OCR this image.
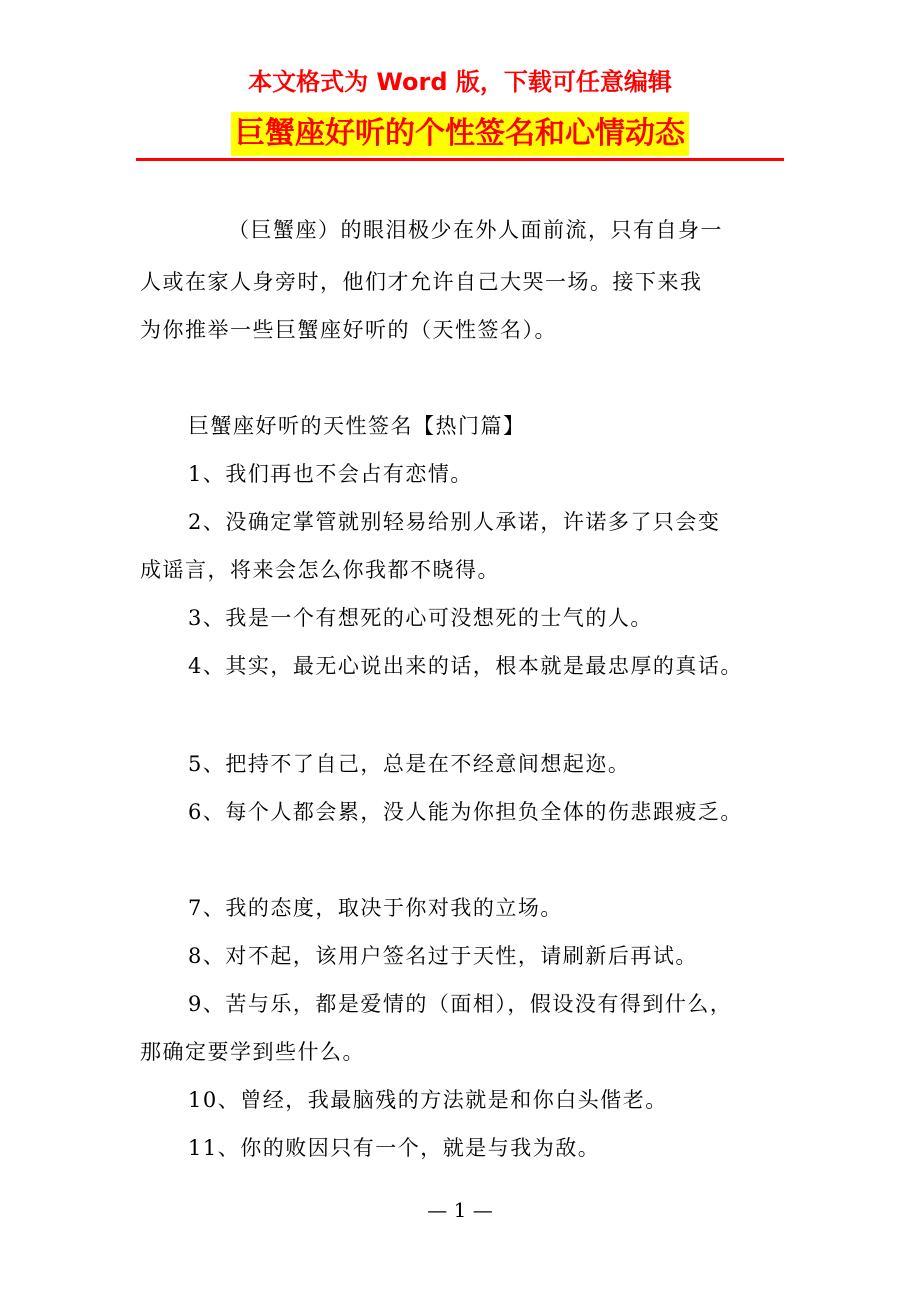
本文格式为 Word 版，下载可任意编辑
巨蟹座好听的个性签名和心情动态

（巨蟹座）的眼泪极少在外人面前流，只有自身一

人或在家人身旁时，他们才允许自己大哭一场。接下来我

为你推举一些巨蟹座好听的（天性签名）。

巨蟹座好听的天性签名【热门篇】

1、我们再也不会占有恋情。

2、没确定掌管就别轻易给别人承诺，许诺多了只会变

成谣言，将来会怎么你我都不晓得。

3、我是一个有想死的心可没想死的士气的人。

4、其实，最无心说出来的话，根本就是最忠厚的真话。

5、把持不了自己，总是在不经意间想起迩。

6、每个人都会累，没人能为你担负全体的伤悲跟疲乏。

7、我的态度，取决于你对我的立场。

8、对不起，该用户签名过于天性，请刷新后再试。

9、苦与乐，都是爱情的（面相），假设没有得到什么，

那确定要学到些什么。

10、曾经，我最脑残的方法就是和你白头偕老。

11、你的败因只有一个，就是与我为敌。

— 1 —
